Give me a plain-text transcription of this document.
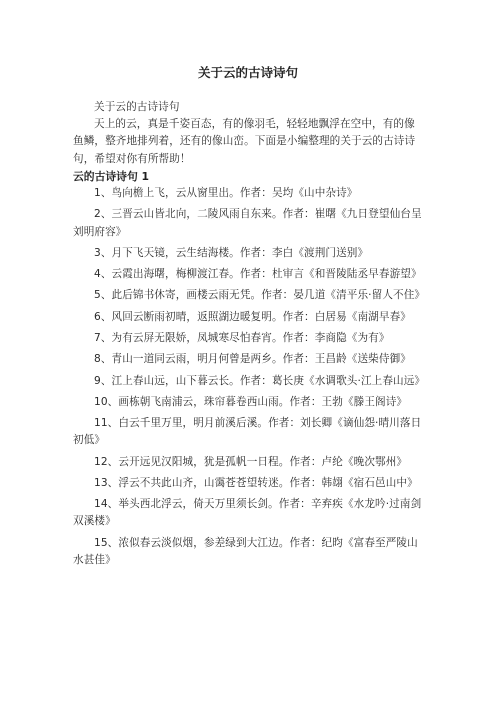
关于云的古诗诗句

关于云的古诗诗句

天上的云，真是千姿百态，有的像羽毛，轻轻地飘浮在空中，有的像鱼鳞，整齐地排列着，还有的像山峦。下面是小编整理的关于云的古诗诗句，希望对你有所帮助！

云的古诗诗句 1

1、鸟向檐上飞，云从窗里出。作者：吴均《山中杂诗》
2、三晋云山皆北向，二陵风雨自东来。作者：崔曙《九日登望仙台呈刘明府容》
3、月下飞天镜，云生结海楼。作者：李白《渡荆门送别》
4、云霞出海曙，梅柳渡江春。作者：杜审言《和晋陵陆丞早春游望》
5、此后锦书休寄，画楼云雨无凭。作者：晏几道《清平乐·留人不住》
6、风回云断雨初晴，返照湖边暖复明。作者：白居易《南湖早春》
7、为有云屏无限娇，凤城寒尽怕春宵。作者：李商隐《为有》
8、青山一道同云雨，明月何曾是两乡。作者：王昌龄《送柴侍御》
9、江上春山远，山下暮云长。作者：葛长庚《水调歌头·江上春山远》
10、画栋朝飞南浦云，珠帘暮卷西山雨。作者：王勃《滕王阁诗》
11、白云千里万里，明月前溪后溪。作者：刘长卿《谪仙怨·晴川落日初低》
12、云开远见汉阳城，犹是孤帆一日程。作者：卢纶《晚次鄂州》
13、浮云不共此山齐，山霭苍苍望转迷。作者：韩翃《宿石邑山中》
14、举头西北浮云，倚天万里须长剑。作者：辛弃疾《水龙吟·过南剑双溪楼》
15、浓似春云淡似烟，参差绿到大江边。作者：纪昀《富春至严陵山水甚佳》
